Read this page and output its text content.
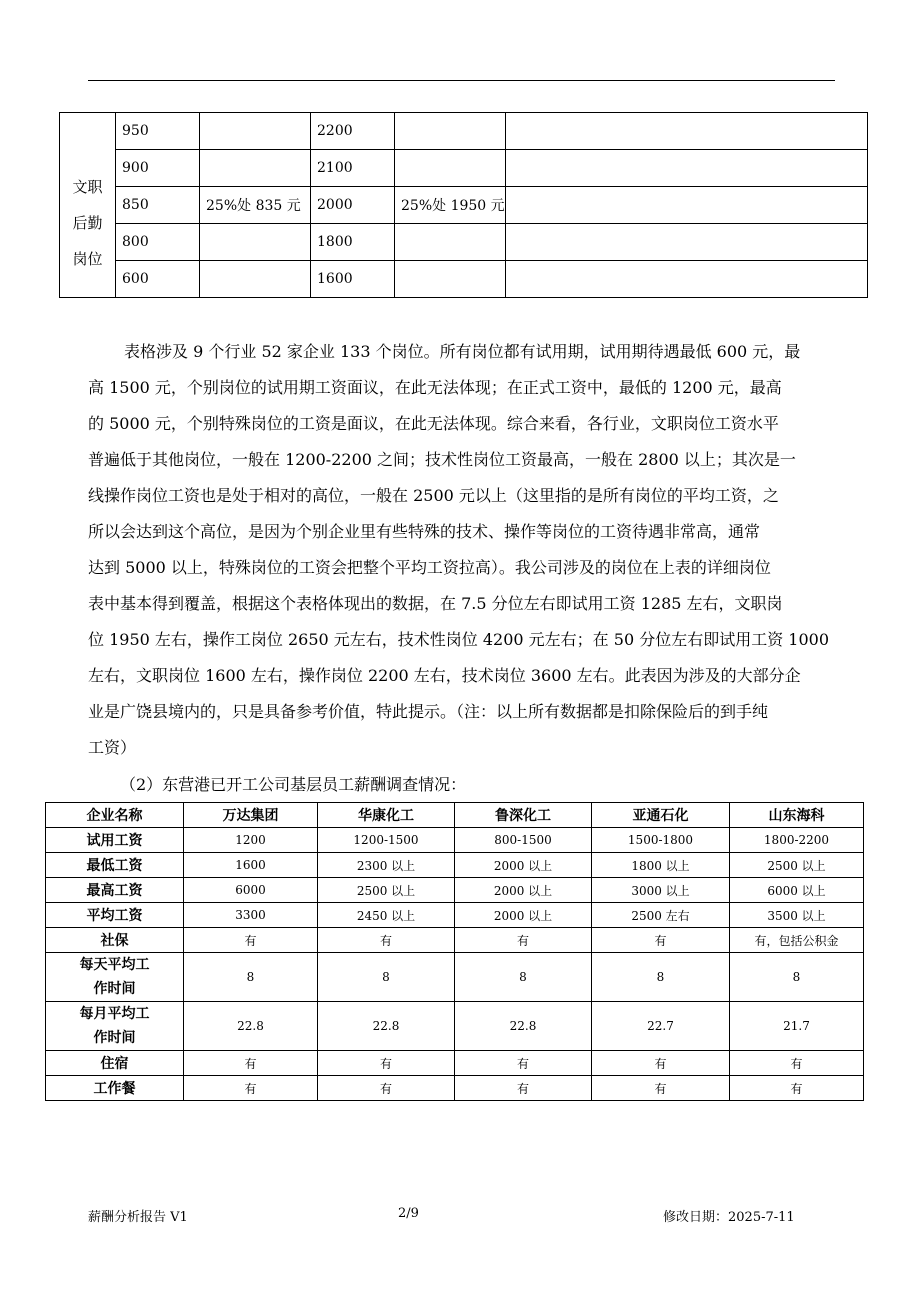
文职
后勤
岗位	950		2200		
	900		2100		
	850	25%处 835 元	2000	25%处 1950 元	
	800		1800		
	600		1600		
表格涉及 9 个行业 52 家企业 133 个岗位。所有岗位都有试用期，试用期待遇最低 600 元，最
高 1500 元，个别岗位的试用期工资面议，在此无法体现；在正式工资中，最低的 1200 元，最高
的 5000 元，个别特殊岗位的工资是面议，在此无法体现。综合来看，各行业，文职岗位工资水平
普遍低于其他岗位，一般在 1200-2200 之间；技术性岗位工资最高，一般在 2800 以上；其次是一
线操作岗位工资也是处于相对的高位，一般在 2500 元以上（这里指的是所有岗位的平均工资，之
所以会达到这个高位，是因为个别企业里有些特殊的技术、操作等岗位的工资待遇非常高，通常
达到 5000 以上，特殊岗位的工资会把整个平均工资拉高）。我公司涉及的岗位在上表的详细岗位
表中基本得到覆盖，根据这个表格体现出的数据，在 7.5 分位左右即试用工资 1285 左右，文职岗
位 1950 左右，操作工岗位 2650 元左右，技术性岗位 4200 元左右；在 50 分位左右即试用工资 1000
左右，文职岗位 1600 左右，操作岗位 2200 左右，技术岗位 3600 左右。此表因为涉及的大部分企
业是广饶县境内的，只是具备参考价值，特此提示。（注：以上所有数据都是扣除保险后的到手纯
工资）
（2）东营港已开工公司基层员工薪酬调查情况：
企业名称	万达集团	华康化工	鲁深化工	亚通石化	山东海科
试用工资	1200	1200-1500	800-1500	1500-1800	1800-2200
最低工资	1600	2300 以上	2000 以上	1800 以上	2500 以上
最高工资	6000	2500 以上	2000 以上	3000 以上	6000 以上
平均工资	3300	2450 以上	2000 以上	2500 左右	3500 以上
社保	有	有	有	有	有，包括公积金

每天平均工
作时间	8	8	8	8	8

每月平均工
作时间	22.8	22.8	22.8	22.7	21.7
住宿	有	有	有	有	有
工作餐	有	有	有	有	有
薪酬分析报告 V1	2/9	修改日期：2025-7-11
